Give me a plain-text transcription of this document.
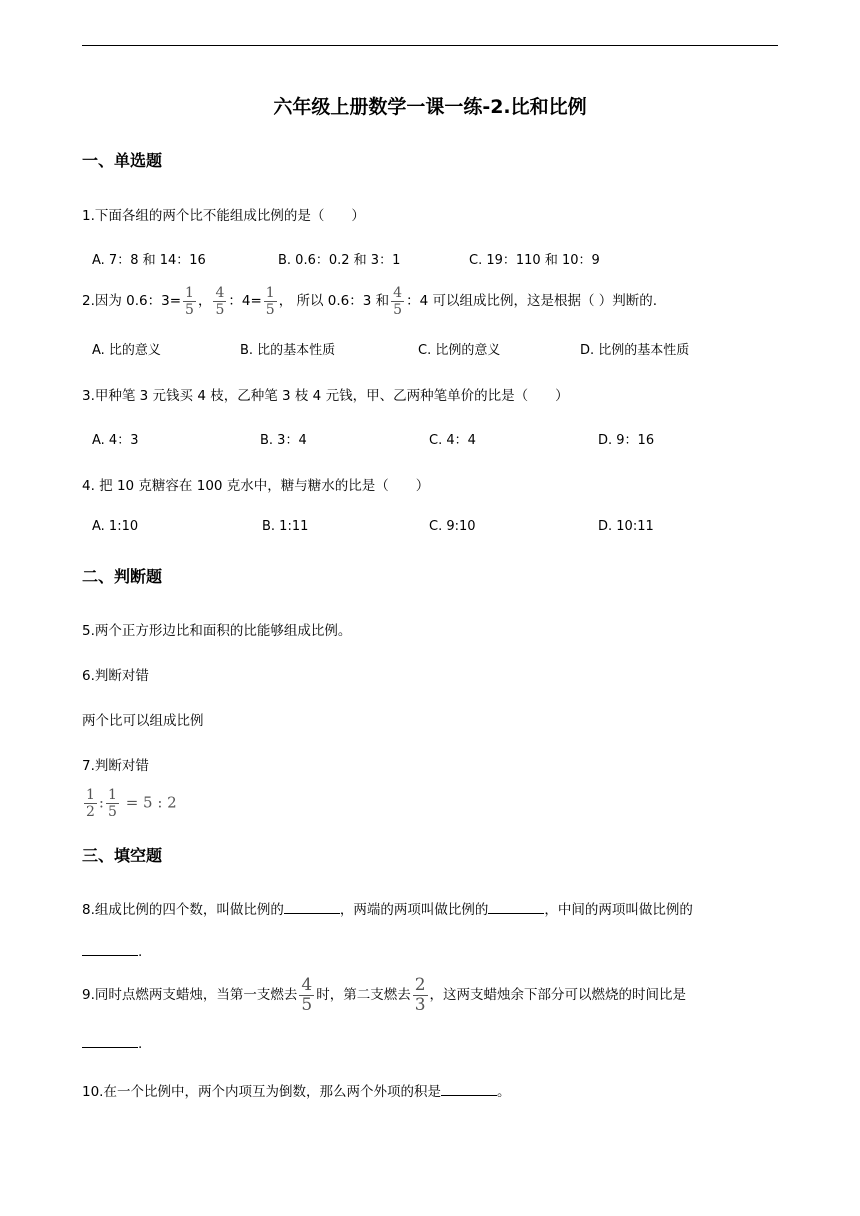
六年级上册数学一课一练-2.比和比例
一、单选题
1.下面各组的两个比不能组成比例的是（　　）
A. 7：8 和 14：16	B. 0.6：0.2 和 3：1	C. 19：110 和 10：9
2.因为 0.6：$3= \frac{1}{5}$ ， $\frac{4}{5}$ ：$4= \frac{1}{5}$ ， 所以 0.6：3 和 $\frac{4}{5}$ ：4 可以组成比例，这是根据（ ）判断的.
A. 比的意义	B. 比的基本性质	C. 比例的意义	D. 比例的基本性质
3.甲种笔 3 元钱买 4 枝，乙种笔 3 枝 4 元钱，甲、乙两种笔单价的比是（　　）
A. 4：3	B. 3：4	C. 4：4	D. 9：16
4. 把 10 克糖容在 100 克水中，糖与糖水的比是（　　）
A. 1:10	B. 1:11	C. 9:10	D. 10:11
二、判断题
5.两个正方形边比和面积的比能够组成比例。
6.判断对错
两个比可以组成比例
7.判断对错
$\frac{1}{2}$ : $\frac{1}{5} = 5$ : 2
三、填空题
8.组成比例的四个数，叫做比例的	，两端的两项叫做比例的	，中间的两项叫做比例的
.
9.同时点燃两支蜡烛，当第一支燃去 $\frac{4}{5}$ 时，第二支燃去 $\frac{2}{3}$ ，这两支蜡烛余下部分可以燃烧的时间比是
.
10.在一个比例中，两个内项互为倒数，那么两个外项的积是	。
